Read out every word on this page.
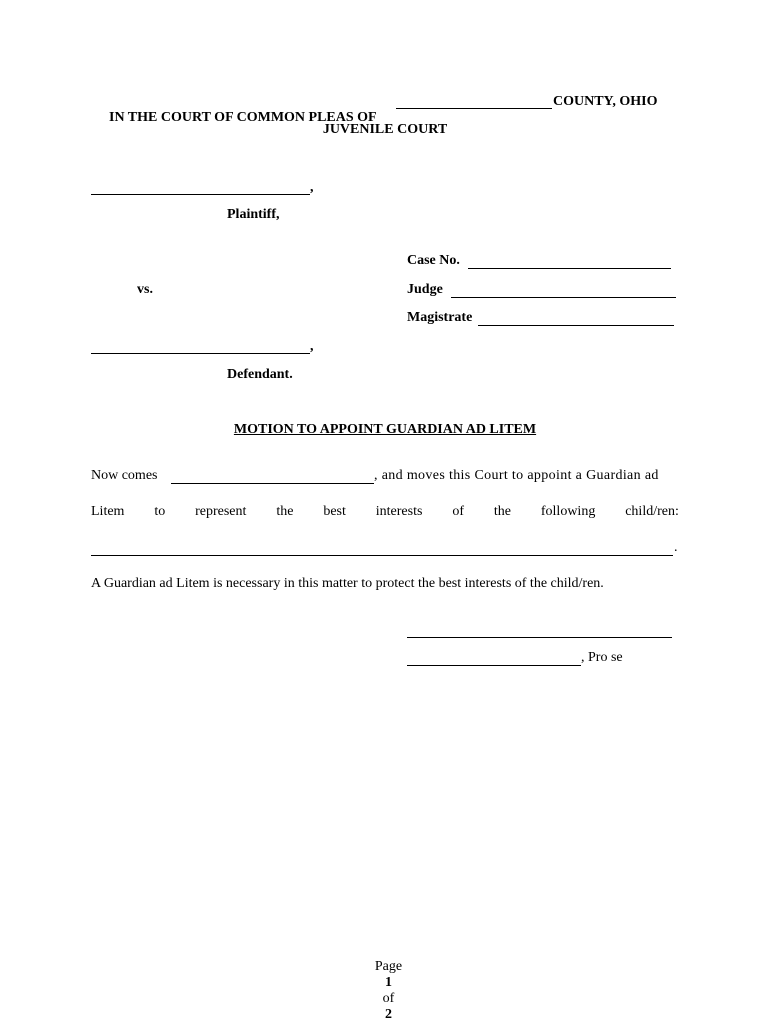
IN THE COURT OF COMMON PLEAS OF

COUNTY, OHIO
JUVENILE COURT
,
Plaintiff,
Case No.
vs.	Judge
Magistrate
,
Defendant.
MOTION TO APPOINT GUARDIAN AD LITEM
Now comes	, and moves this Court to appoint a Guardian ad
Litem to represent the best interests of the following child/ren:
.
A Guardian ad Litem is necessary in this matter to protect the best interests of the child/ren.
, Pro se

Page
1
of
2
